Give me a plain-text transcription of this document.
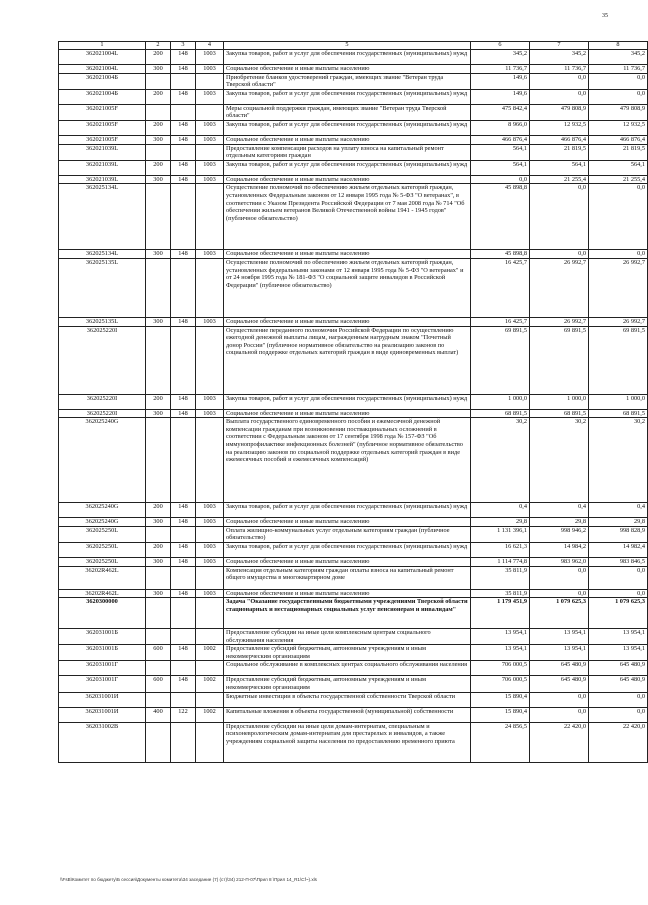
35
1	2	3	4	5	6	7	8
362021004L	200	148	1003	Закупка товаров, работ и услуг для обеспечения государственных (муниципальных) нужд	345,2	345,2	345,2
362021004L	300	148	1003	Социальное обеспечение и иные выплаты населению	11 736,7	11 736,7	11 736,7
362021004Б				Приобретение бланков удостоверений граждан, имеющих звание "Ветеран труда Тверской области"	149,6	0,0	0,0
362021004Б	200	148	1003	Закупка товаров, работ и услуг для обеспечения государственных (муниципальных) нужд	149,6	0,0	0,0
362021005F				Меры социальной поддержки граждан, имеющих звание "Ветеран труда Тверской области"	475 842,4	479 808,9	479 808,9
362021005F	200	148	1003	Закупка товаров, работ и услуг для обеспечения государственных (муниципальных) нужд	8 966,0	12 932,5	12 932,5
362021005F	300	148	1003	Социальное обеспечение и иные выплаты населению	466 876,4	466 876,4	466 876,4
362021039L				Предоставление компенсации расходов на уплату взноса на капитальный ремонт отдельным категориям граждан	564,1	21 819,5	21 819,5
362021039L	200	148	1003	Закупка товаров, работ и услуг для обеспечения государственных (муниципальных) нужд	564,1	564,1	564,1
362021039L	300	148	1003	Социальное обеспечение и иные выплаты населению	0,0	21 255,4	21 255,4
362025134L				Осуществление полномочий по обеспечению жильем отдельных категорий граждан, установленных Федеральным законом от 12 января 1995 года № 5-ФЗ "О ветеранах", в соответствии с Указом Президента Российской Федерации от 7 мая 2008 года № 714 "Об обеспечении жильем ветеранов Великой Отечественной войны 1941 - 1945 годов" (публичное обязательство)	45 898,8	0,0	0,0
362025134L	300	148	1003	Социальное обеспечение и иные выплаты населению	45 898,8	0,0	0,0
362025135L				Осуществление полномочий по обеспечению жильем отдельных категорий граждан, установленных федеральными законами от 12 января 1995 года № 5-ФЗ "О ветеранах" и от 24 ноября 1995 года № 181-ФЗ "О социальной защите инвалидов в Российской Федерации" (публичное обязательство)	16 425,7	26 992,7	26 992,7
362025135L	300	148	1003	Социальное обеспечение и иные выплаты населению	16 425,7	26 992,7	26 992,7
362025220I				Осуществление переданного полномочия Российской Федерации по осуществлению ежегодной денежной выплаты лицам, награжденным нагрудным знаком "Почетный донор России" (публичное нормативное обязательство на реализацию законов по социальной поддержке отдельных категорий граждан в виде единовременных выплат)	69 891,5	69 891,5	69 891,5
362025220I	200	148	1003	Закупка товаров, работ и услуг для обеспечения государственных (муниципальных) нужд	1 000,0	1 000,0	1 000,0
362025220I	300	148	1003	Социальное обеспечение и иные выплаты населению	68 891,5	68 891,5	68 891,5
362025240G				Выплата государственного единовременного пособия и ежемесячной денежной компенсации гражданам при возникновении поствакцинальных осложнений в соответствии с Федеральным законом от 17 сентября 1998 года № 157-ФЗ "Об иммунопрофилактике инфекционных болезней" (публичное нормативное обязательство на реализацию законов по социальной поддержке отдельных категорий граждан в виде ежемесячных пособий и ежемесячных компенсаций)	30,2	30,2	30,2
362025240G	200	148	1003	Закупка товаров, работ и услуг для обеспечения государственных (муниципальных) нужд	0,4	0,4	0,4
362025240G	300	148	1003	Социальное обеспечение и иные выплаты населению	29,8	29,8	29,8
362025250L				Оплата жилищно-коммунальных услуг отдельным категориям граждан (публичное обязательство)	1 131 396,1	998 946,2	998 828,9
362025250L	200	148	1003	Закупка товаров, работ и услуг для обеспечения государственных (муниципальных) нужд	16 621,3	14 984,2	14 982,4
362025250L	300	148	1003	Социальное обеспечение и иные выплаты населению	1 114 774,8	983 962,0	983 846,5
36202R462L				Компенсация отдельным категориям граждан оплаты взноса на капитальный ремонт общего имущества в многоквартирном доме	35 811,9	0,0	0,0
36202R462L	300	148	1003	Социальное обеспечение и иные выплаты населению	35 811,9	0,0	0,0
3620300000				Задача "Оказание государственными бюджетными учреждениями Тверской области стационарных и нестационарных социальных услуг пенсионерам и инвалидам"	1 179 451,9	1 079 625,3	1 079 625,3
362031001Б				Предоставление субсидии на иные цели комплексным центрам социального обслуживания населения	13 954,1	13 954,1	13 954,1
362031001Б	600	148	1002	Предоставление субсидий бюджетным, автономным учреждениям и иным некоммерческим организациям	13 954,1	13 954,1	13 954,1
362031001Г				Социальное обслуживание в комплексных центрах социального обслуживания населения	706 000,5	645 480,9	645 480,9
362031001Г	600	148	1002	Предоставление субсидий бюджетным, автономным учреждениям и иным некоммерческим организациям	706 000,5	645 480,9	645 480,9
362031001И				Бюджетные инвестиции в объекты государственной собственности Тверской области	15 890,4	0,0	0,0
362031001И	400	122	1002	Капитальные вложения в объекты государственной (муниципальной) собственности	15 890,4	0,0	0,0
362031002В				Предоставление субсидии на иные цели домам-интернатам, специальным и психоневрологическим домам-интернатам для престарелых и инвалидов, а также учреждениям социальной защиты населения по предоставлению временного приюта	24 856,5	22 420,0	22 420,0
\\FsB\Комитет по бюджету\Б сессия\Документы комитета\34 заседание (7) (ст)\34) 212-П-07\Прил 8 \Прил 14_R1\Cf~).xls
